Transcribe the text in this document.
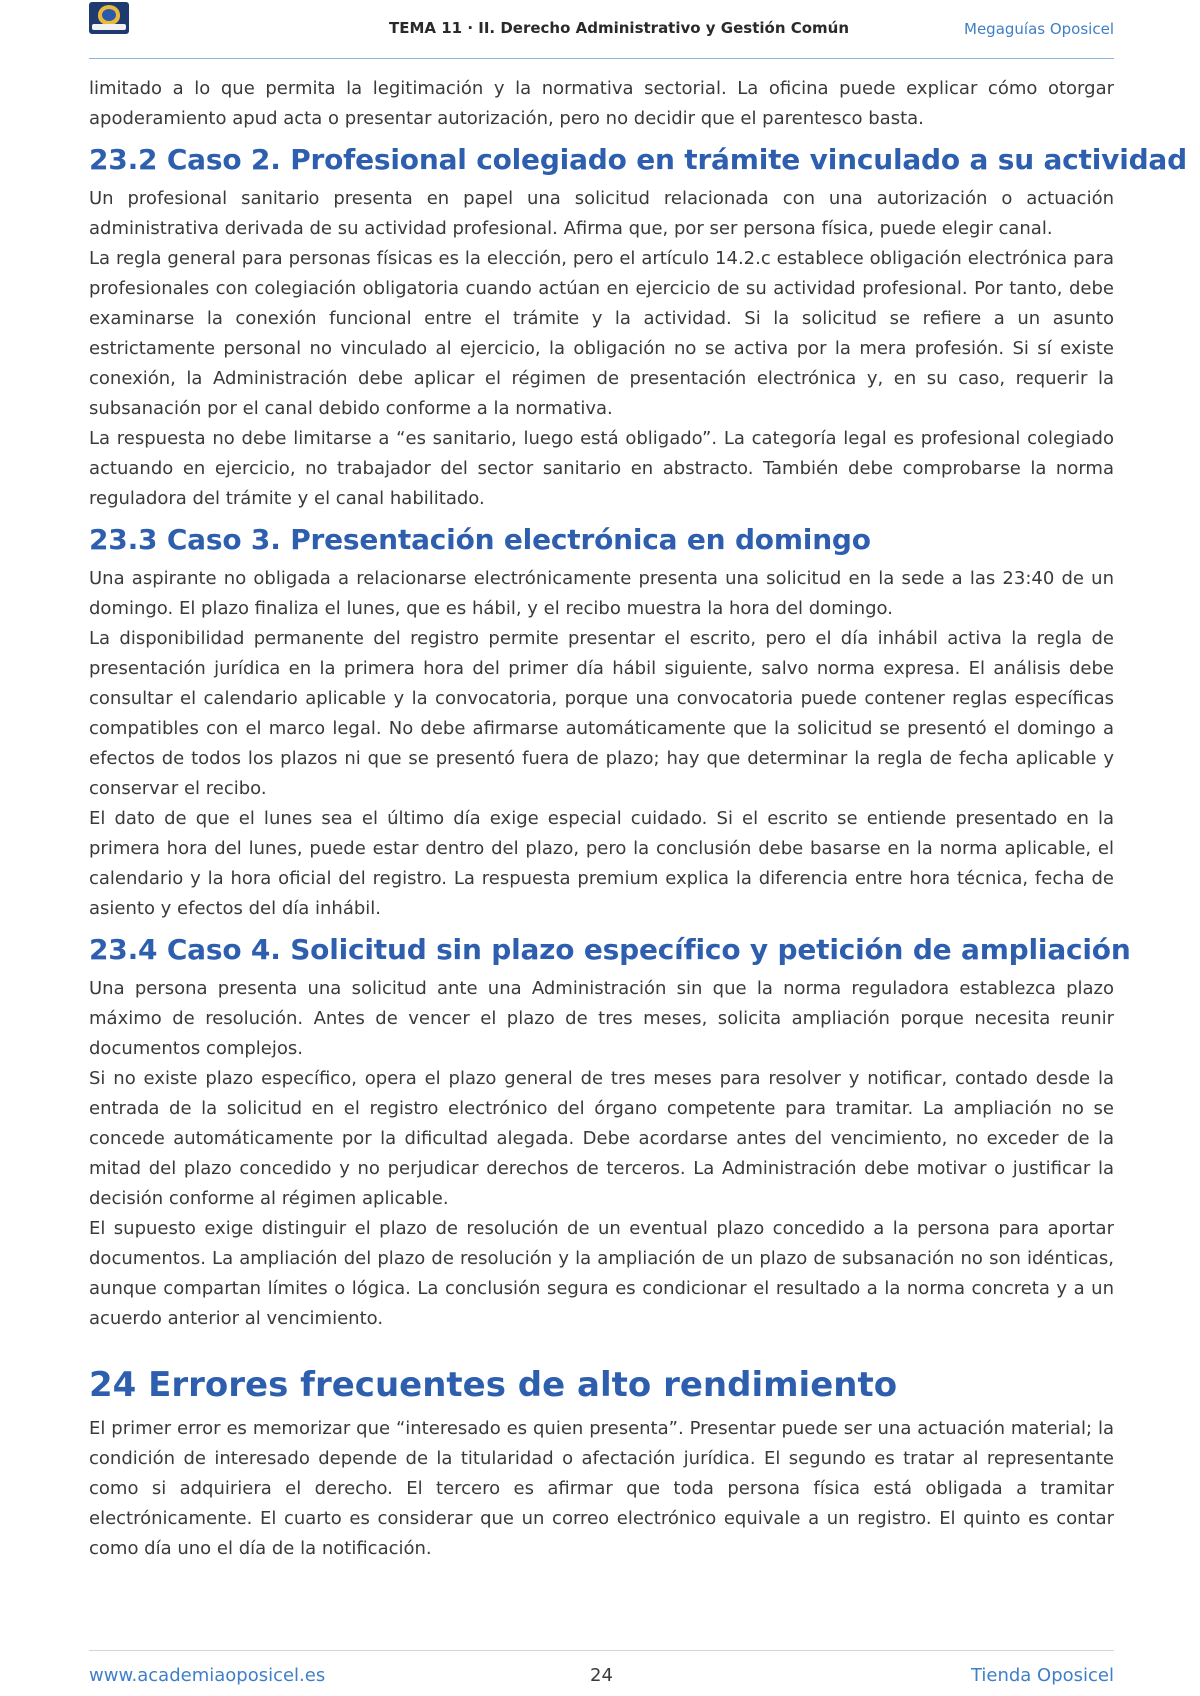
TEMA 11 · II. Derecho Administrativo y Gestión Común	Megaguías Oposicel

limitado a lo que permita la legitimación y la normativa sectorial. La oficina puede explicar cómo otorgar apoderamiento apud acta o presentar autorización, pero no decidir que el parentesco basta.

23.2 Caso 2. Profesional colegiado en trámite vinculado a su actividad

Un profesional sanitario presenta en papel una solicitud relacionada con una autorización o actuación administrativa derivada de su actividad profesional. Afirma que, por ser persona física, puede elegir canal.

La regla general para personas físicas es la elección, pero el artículo 14.2.c establece obligación electrónica para profesionales con colegiación obligatoria cuando actúan en ejercicio de su actividad profesional. Por tanto, debe examinarse la conexión funcional entre el trámite y la actividad. Si la solicitud se refiere a un asunto estrictamente personal no vinculado al ejercicio, la obligación no se activa por la mera profesión. Si sí existe conexión, la Administración debe aplicar el régimen de presentación electrónica y, en su caso, requerir la subsanación por el canal debido conforme a la normativa.

La respuesta no debe limitarse a “es sanitario, luego está obligado”. La categoría legal es profesional colegiado actuando en ejercicio, no trabajador del sector sanitario en abstracto. También debe comprobarse la norma reguladora del trámite y el canal habilitado.

23.3 Caso 3. Presentación electrónica en domingo

Una aspirante no obligada a relacionarse electrónicamente presenta una solicitud en la sede a las 23:40 de un domingo. El plazo finaliza el lunes, que es hábil, y el recibo muestra la hora del domingo.

La disponibilidad permanente del registro permite presentar el escrito, pero el día inhábil activa la regla de presentación jurídica en la primera hora del primer día hábil siguiente, salvo norma expresa. El análisis debe consultar el calendario aplicable y la convocatoria, porque una convocatoria puede contener reglas específicas compatibles con el marco legal. No debe afirmarse automáticamente que la solicitud se presentó el domingo a efectos de todos los plazos ni que se presentó fuera de plazo; hay que determinar la regla de fecha aplicable y conservar el recibo.

El dato de que el lunes sea el último día exige especial cuidado. Si el escrito se entiende presentado en la primera hora del lunes, puede estar dentro del plazo, pero la conclusión debe basarse en la norma aplicable, el calendario y la hora oficial del registro. La respuesta premium explica la diferencia entre hora técnica, fecha de asiento y efectos del día inhábil.

23.4 Caso 4. Solicitud sin plazo específico y petición de ampliación

Una persona presenta una solicitud ante una Administración sin que la norma reguladora establezca plazo máximo de resolución. Antes de vencer el plazo de tres meses, solicita ampliación porque necesita reunir documentos complejos.

Si no existe plazo específico, opera el plazo general de tres meses para resolver y notificar, contado desde la entrada de la solicitud en el registro electrónico del órgano competente para tramitar. La ampliación no se concede automáticamente por la dificultad alegada. Debe acordarse antes del vencimiento, no exceder de la mitad del plazo concedido y no perjudicar derechos de terceros. La Administración debe motivar o justificar la decisión conforme al régimen aplicable.

El supuesto exige distinguir el plazo de resolución de un eventual plazo concedido a la persona para aportar documentos. La ampliación del plazo de resolución y la ampliación de un plazo de subsanación no son idénticas, aunque compartan límites o lógica. La conclusión segura es condicionar el resultado a la norma concreta y a un acuerdo anterior al vencimiento.

24 Errores frecuentes de alto rendimiento

El primer error es memorizar que “interesado es quien presenta”. Presentar puede ser una actuación material; la condición de interesado depende de la titularidad o afectación jurídica. El segundo es tratar al representante como si adquiriera el derecho. El tercero es afirmar que toda persona física está obligada a tramitar electrónicamente. El cuarto es considerar que un correo electrónico equivale a un registro. El quinto es contar como día uno el día de la notificación.

24
www.academiaoposicel.es	Tienda Oposicel
